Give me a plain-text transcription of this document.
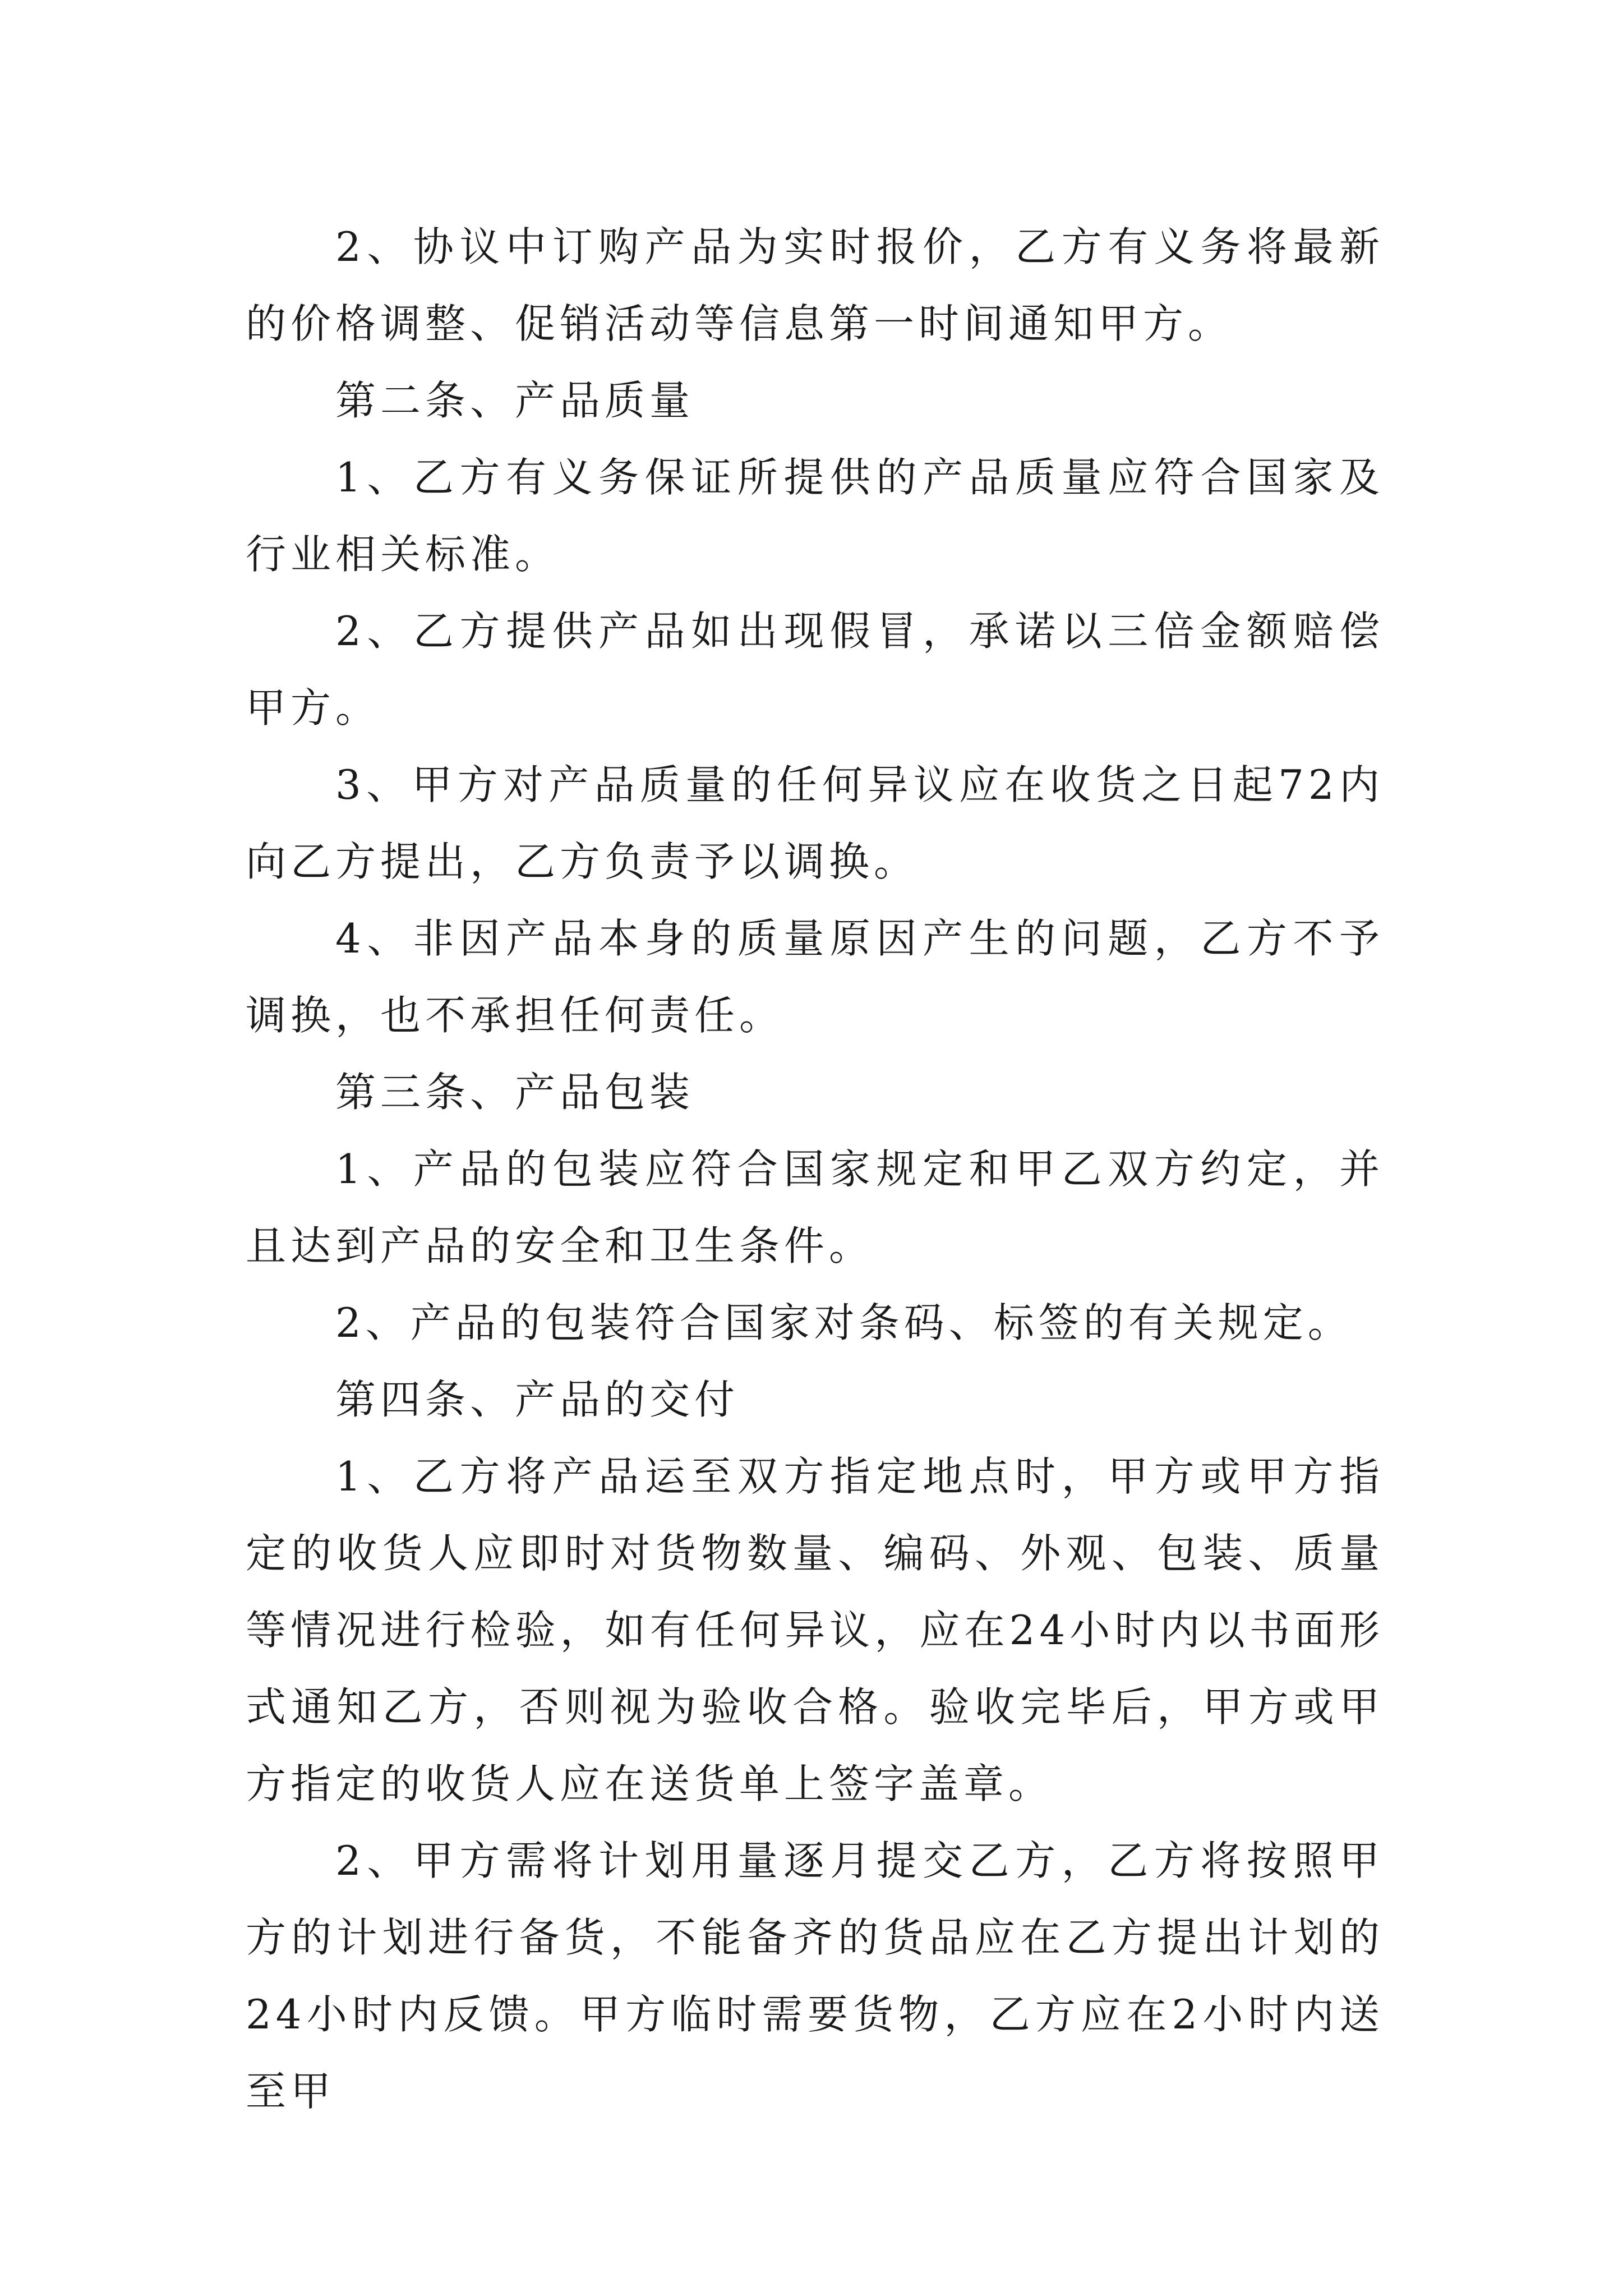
2、协议中订购产品为实时报价，乙方有义务将最新的价格调整、促销活动等信息第一时间通知甲方。

第二条、产品质量

1、乙方有义务保证所提供的产品质量应符合国家及行业相关标准。

2、乙方提供产品如出现假冒，承诺以三倍金额赔偿甲方。

3、甲方对产品质量的任何异议应在收货之日起72内向乙方提出，乙方负责予以调换。

4、非因产品本身的质量原因产生的问题，乙方不予调换，也不承担任何责任。

第三条、产品包装

1、产品的包装应符合国家规定和甲乙双方约定，并且达到产品的安全和卫生条件。

2、产品的包装符合国家对条码、标签的有关规定。

第四条、产品的交付

1、乙方将产品运至双方指定地点时，甲方或甲方指定的收货人应即时对货物数量、编码、外观、包装、质量等情况进行检验，如有任何异议，应在24小时内以书面形式通知乙方，否则视为验收合格。验收完毕后，甲方或甲方指定的收货人应在送货单上签字盖章。

2、甲方需将计划用量逐月提交乙方，乙方将按照甲方的计划进行备货，不能备齐的货品应在乙方提出计划的24小时内反馈。甲方临时需要货物，乙方应在2小时内送至甲
